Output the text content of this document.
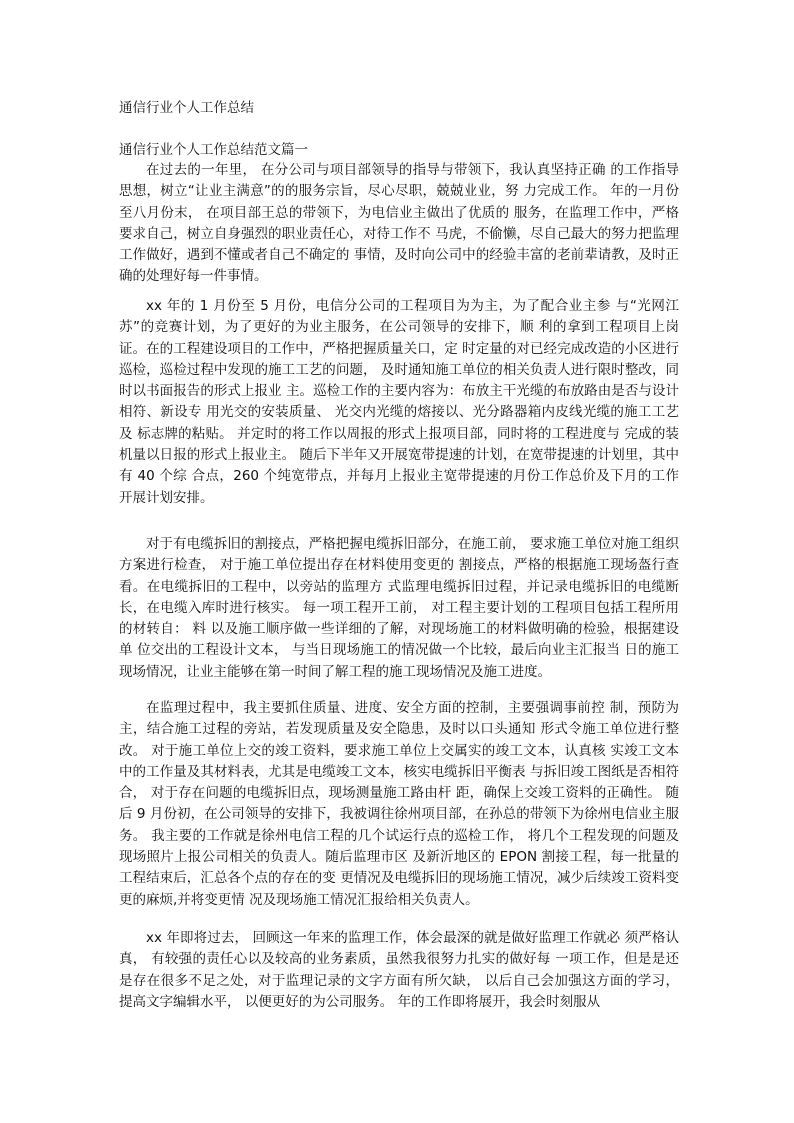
通信行业个人工作总结
通信行业个人工作总结范文篇一

在过去的一年里， 在分公司与项目部领导的指导与带领下，我认真坚持正确 的工作指导思想，树立“让业主满意”的的服务宗旨，尽心尽职，兢兢业业，努 力完成工作。 年的一月份至八月份末， 在项目部王总的带领下，为电信业主做出了优质的 服务，在监理工作中，严格要求自己，树立自身强烈的职业责任心，对待工作不 马虎，不偷懒，尽自己最大的努力把监理工作做好，遇到不懂或者自己不确定的 事情，及时向公司中的经验丰富的老前辈请教，及时正确的处理好每一件事情。

xx 年的 1 月份至 5 月份，电信分公司的工程项目为为主，为了配合业主参 与“光网江苏”的竞赛计划，为了更好的为业主服务，在公司领导的安排下，顺 利的拿到工程项目上岗证。在的工程建设项目的工作中，严格把握质量关口，定 时定量的对已经完成改造的小区进行巡检，巡检过程中发现的施工工艺的问题， 及时通知施工单位的相关负责人进行限时整改，同时以书面报告的形式上报业 主。巡检工作的主要内容为：布放主干光缆的布放路由是否与设计相符、新设专 用光交的安装质量、 光交内光缆的熔接以、光分路器箱内皮线光缆的施工工艺及 标志牌的粘贴。 并定时的将工作以周报的形式上报项目部，同时将的工程进度与 完成的装机量以日报的形式上报业主。 随后下半年又开展宽带提速的计划，在宽带提速的计划里，其中有 40 个综 合点，260 个纯宽带点，并每月上报业主宽带提速的月份工作总价及下月的工作 开展计划安排。

对于有电缆拆旧的割接点，严格把握电缆拆旧部分，在施工前， 要求施工单位对施工组织方案进行检查， 对于施工单位提出存在材料使用变更的 割接点，严格的根据施工现场盔行查看。在电缆拆旧的工程中，以旁站的监理方 式监理电缆拆旧过程，并记录电缆拆旧的电缆断长，在电缆入库时进行核实。 每一项工程开工前， 对工程主要计划的工程项目包括工程所用的材转自： 料 以及施工顺序做一些详细的了解，对现场施工的材料做明确的检验，根据建设单 位交出的工程设计文本， 与当日现场施工的情况做一个比较，最后向业主汇报当 日的施工现场情况，让业主能够在第一时间了解工程的施工现场情况及施工进度。

在监理过程中，我主要抓住质量、进度、安全方面的控制，主要强调事前控 制，预防为主，结合施工过程的旁站，若发现质量及安全隐患，及时以口头通知 形式令施工单位进行整改。 对于施工单位上交的竣工资料，要求施工单位上交属实的竣工文本，认真核 实竣工文本中的工作量及其材料表，尤其是电缆竣工文本，核实电缆拆旧平衡表 与拆旧竣工图纸是否相符合， 对于存在问题的电缆拆旧点，现场测量施工路由杆 距，确保上交竣工资料的正确性。 随后 9 月份初，在公司领导的安排下，我被调往徐州项目部，在孙总的带领下为徐州电信业主服务。 我主要的工作就是徐州电信工程的几个试运行点的巡检工作， 将几个工程发现的问题及现场照片上报公司相关的负责人。随后监理市区 及新沂地区的 EPON 割接工程，每一批量的工程结束后，汇总各个点的存在的变 更情况及电缆拆旧的现场施工情况，减少后续竣工资料变更的麻烦,并将变更情 况及现场施工情况汇报给相关负责人。

xx 年即将过去， 回顾这一年来的监理工作，体会最深的就是做好监理工作就必 须严格认真， 有较强的责任心以及较高的业务素质，虽然我很努力扎实的做好每 一项工作，但是是还是存在很多不足之处，对于监理记录的文字方面有所欠缺， 以后自己会加强这方面的学习， 提高文字编辑水平， 以便更好的为公司服务。 年的工作即将展开，我会时刻服从
